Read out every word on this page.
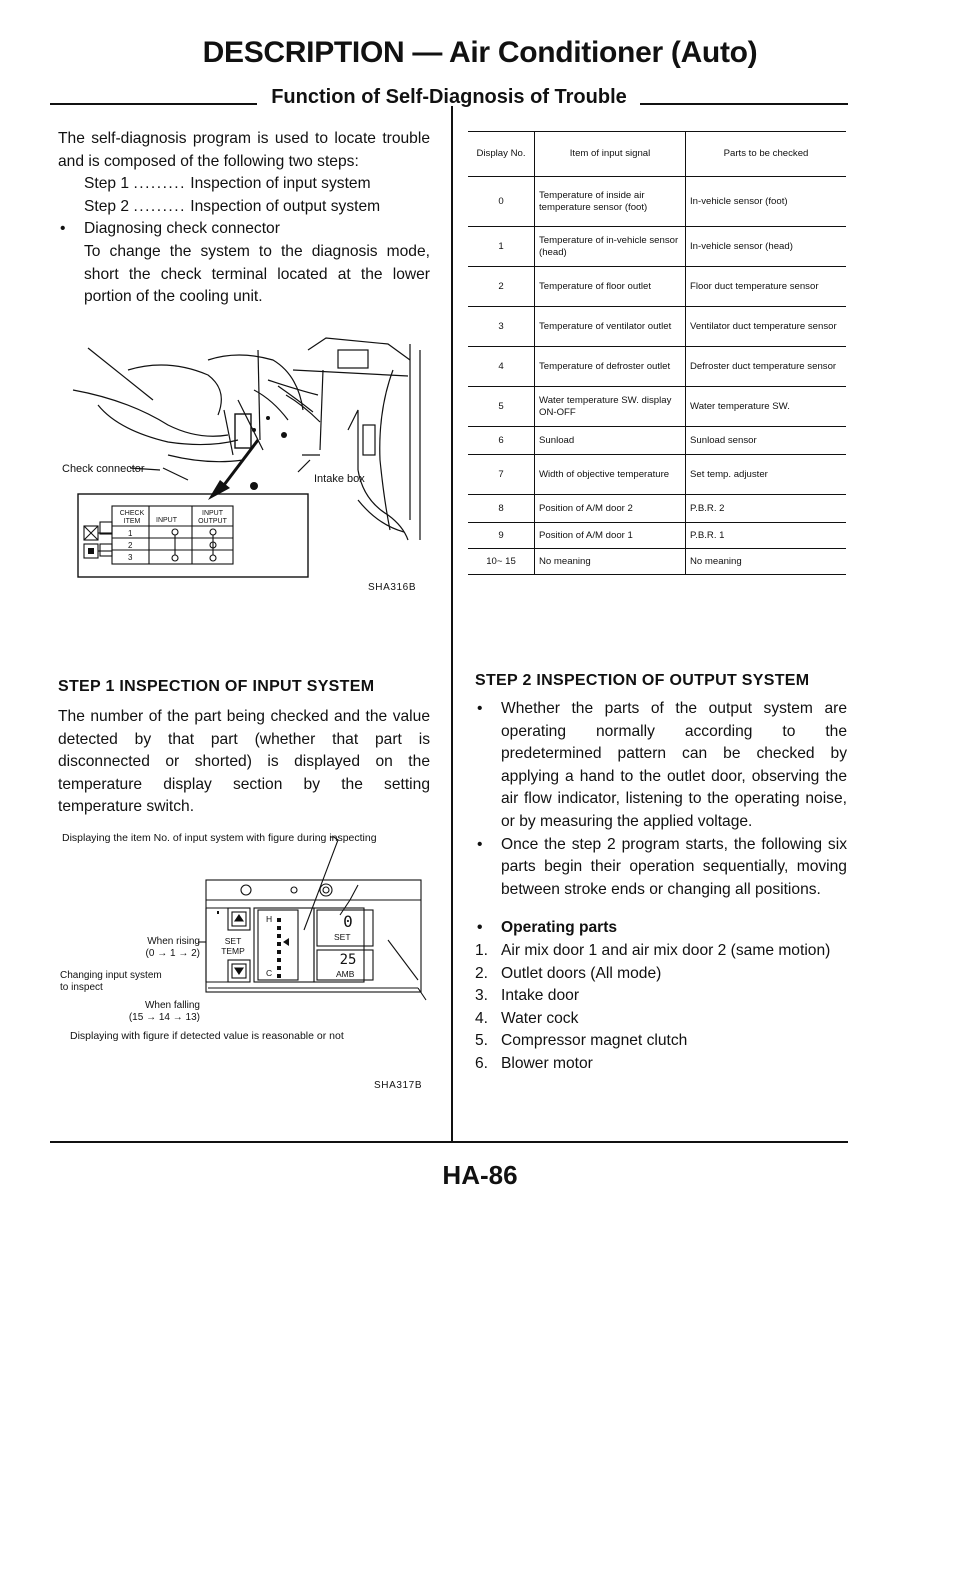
DESCRIPTION — Air Conditioner (Auto)
Function of Self-Diagnosis of Trouble

The self-diagnosis program is used to locate trouble and is composed of the following two steps:

Step 1 ......... Inspection of input system
Step 2 ......... Inspection of output system
• Diagnosing check connector
To change the system to the diagnosis mode, short the check terminal located at the lower portion of the cooling unit.
Check connector
Intake box
CHECK ITEM	INPUT
INPUT OUTPUT
1
2
3
SHA316B
STEP 1 INSPECTION OF INPUT SYSTEM

The number of the part being checked and the value detected by that part (whether that part is disconnected or shorted) is displayed on the temperature display section by the setting temperature switch.

Displaying the item No. of input system with figure during inspecting
When rising
(0 → 1 → 2)
Changing input system
to inspect
When falling
(15 → 14 → 13)
SET TEMP
H
C
0
SET
25
AMB
Displaying with figure if detected value is reasonable or not
SHA317B
Display No.	Item of input signal	Parts to be checked
0	Temperature of inside air temperature sensor (foot)	In-vehicle sensor (foot)
1	Temperature of in-vehicle sensor (head)	In-vehicle sensor (head)
2	Temperature of floor outlet	Floor duct temperature sensor
3	Temperature of ventilator outlet	Ventilator duct temperature sensor
4	Temperature of defroster outlet	Defroster duct temperature sensor
5	Water temperature SW. display ON-OFF	Water temperature SW.
6	Sunload	Sunload sensor
7	Width of objective temperature	Set temp. adjuster
8	Position of A/M door 2	P.B.R. 2
9	Position of A/M door 1	P.B.R. 1
10~ 15	No meaning	No meaning
STEP 2 INSPECTION OF OUTPUT SYSTEM
• Whether the parts of the output system are operating normally according to the predetermined pattern can be checked by applying a hand to the outlet door, observing the air flow indicator, listening to the operating noise, or by measuring the applied voltage.
• Once the step 2 program starts, the following six parts begin their operation sequentially, moving between stroke ends or changing all positions.
• Operating parts
1. Air mix door 1 and air mix door 2 (same motion)
2. Outlet doors (All mode)
3. Intake door
4. Water cock
5. Compressor magnet clutch
6. Blower motor
HA-86
